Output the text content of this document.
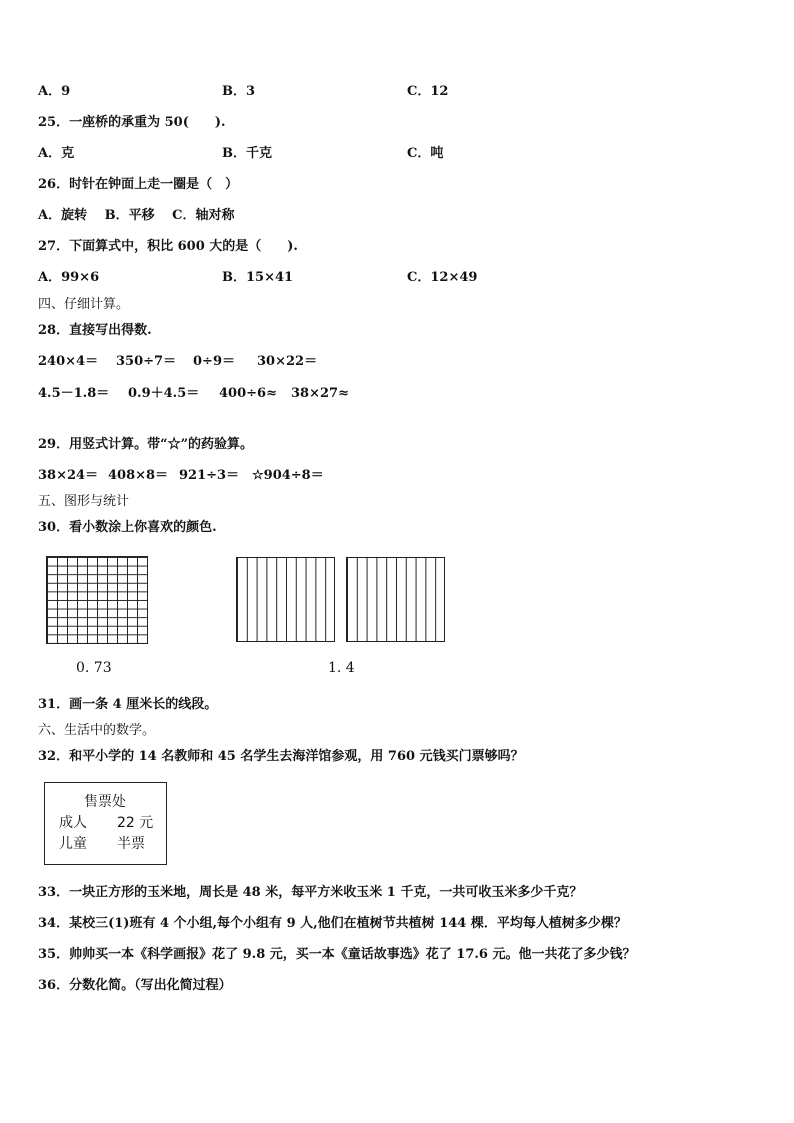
A．9	B．3	C．12
25．一座桥的承重为 50(　　).
A．克	B．千克	C．吨
26．时针在钟面上走一圈是（　）
A．旋转　 B．平移　 C．轴对称
27．下面算式中，积比 600 大的是（　　).
A．99×6	B．15×41	C．12×49
四、仔细计算。
28．直接写出得数.
240×4＝ 350÷7＝ 0÷9＝ 30×22＝
4.5－1.8＝ 0.9＋4.5＝ 400÷6≈ 38×27≈
29．用竖式计算。带“☆”的药验算。
38×24＝ 408×8＝ 921÷3＝ ☆904÷8＝
五、图形与统计
30．看小数涂上你喜欢的颜色.
0. 73	1. 4
31．画一条 4 厘米长的线段。
六、生活中的数学。
32．和平小学的 14 名教师和 45 名学生去海洋馆参观，用 760 元钱买门票够吗？
售票处
成人 22 元
儿童 半票
33．一块正方形的玉米地，周长是 48 米，每平方米收玉米 1 千克，一共可收玉米多少千克？
34．某校三(1)班有 4 个小组,每个小组有 9 人,他们在植树节共植树 144 棵．平均每人植树多少棵？
35．帅帅买一本《科学画报》花了 9.8 元，买一本《童话故事选》花了 17.6 元。他一共花了多少钱？
36．分数化简。（写出化简过程）
